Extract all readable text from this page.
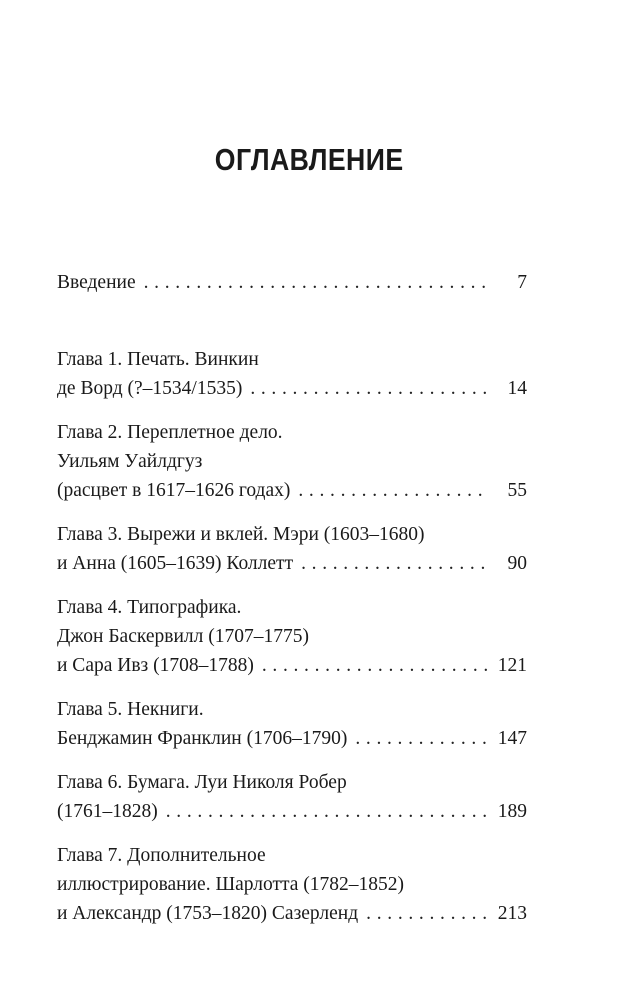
ОГЛАВЛЕНИЕ
Введение . . .	7
Глава 1. Печать. Винкин
де Ворд (?–1534/1535) . . .	14
Глава 2. Переплетное дело.
Уильям Уайлдгуз
(расцвет в 1617–1626 годах) . . .	55
Глава 3. Вырежи и вклей. Мэри (1603–1680)
и Анна (1605–1639) Коллетт . . .	90
Глава 4. Типографика.
Джон Баскервилл (1707–1775)
и Сара Ивз (1708–1788) . . .	121
Глава 5. Некниги.
Бенджамин Франклин (1706–1790) . . .	147
Глава 6. Бумага. Луи Николя Робер
(1761–1828) . . .	189
Глава 7. Дополнительное
иллюстрирование. Шарлотта (1782–1852)
и Александр (1753–1820) Сазерленд . . .	213
